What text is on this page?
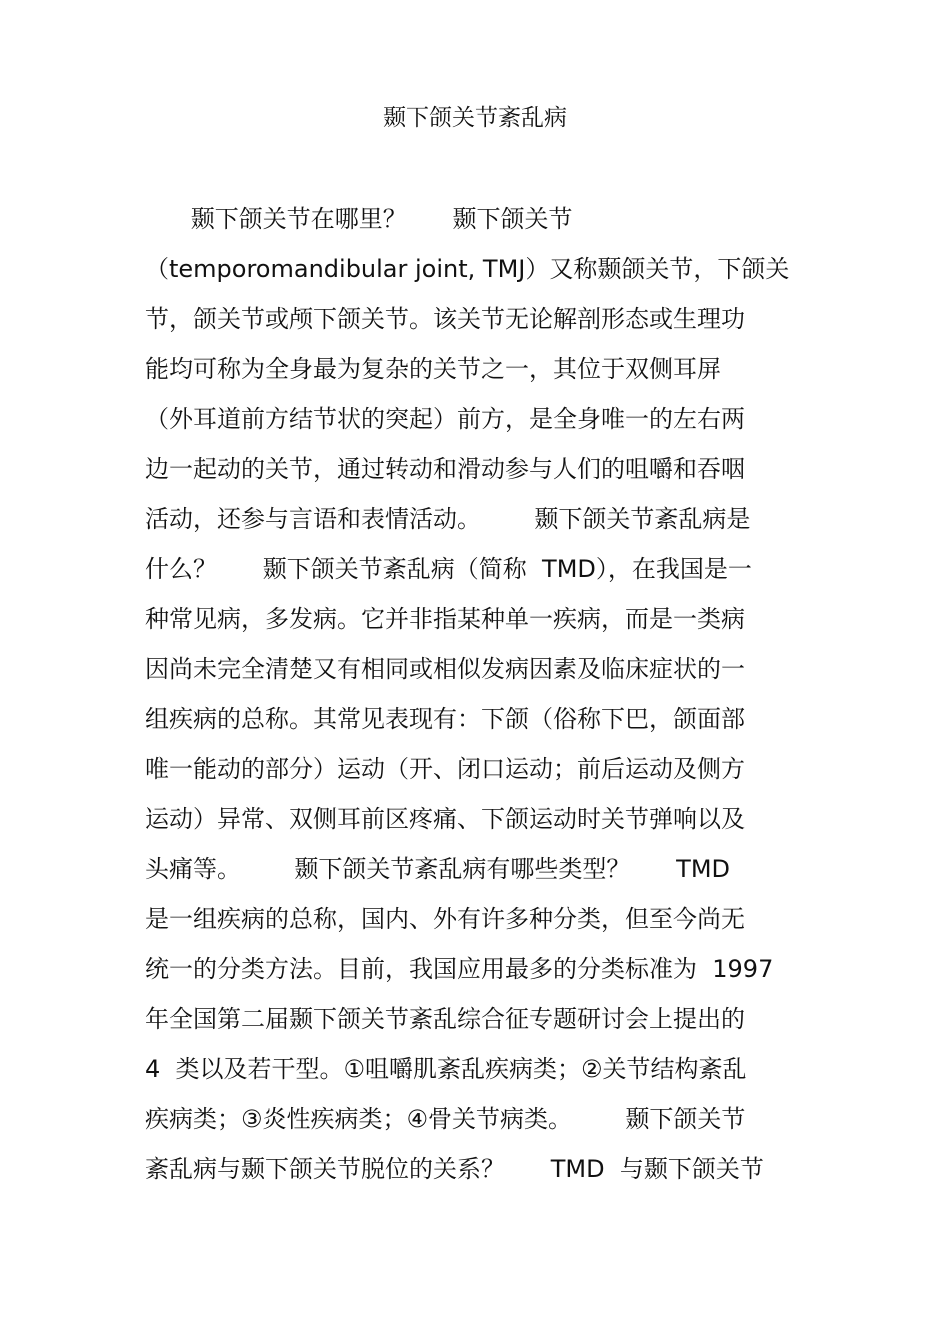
颞下颌关节紊乱病
颞下颌关节在哪里？      颞下颌关节
（temporomandibular joint, TMJ）又称颞颌关节，下颌关
节，颌关节或颅下颌关节。该关节无论解剖形态或生理功
能均可称为全身最为复杂的关节之一，其位于双侧耳屏
（外耳道前方结节状的突起）前方，是全身唯一的左右两
边一起动的关节，通过转动和滑动参与人们的咀嚼和吞咽
活动，还参与言语和表情活动。       颞下颌关节紊乱病是
什么？      颞下颌关节紊乱病（简称  TMD），在我国是一
种常见病，多发病。它并非指某种单一疾病，而是一类病
因尚未完全清楚又有相同或相似发病因素及临床症状的一
组疾病的总称。其常见表现有：下颌（俗称下巴，颌面部
唯一能动的部分）运动（开、闭口运动；前后运动及侧方
运动）异常、双侧耳前区疼痛、下颌运动时关节弹响以及
头痛等。       颞下颌关节紊乱病有哪些类型？      TMD
是一组疾病的总称，国内、外有许多种分类，但至今尚无
统一的分类方法。目前，我国应用最多的分类标准为  1997
年全国第二届颞下颌关节紊乱综合征专题研讨会上提出的
4  类以及若干型。①咀嚼肌紊乱疾病类；②关节结构紊乱
疾病类；③炎性疾病类；④骨关节病类。       颞下颌关节
紊乱病与颞下颌关节脱位的关系？      TMD  与颞下颌关节
